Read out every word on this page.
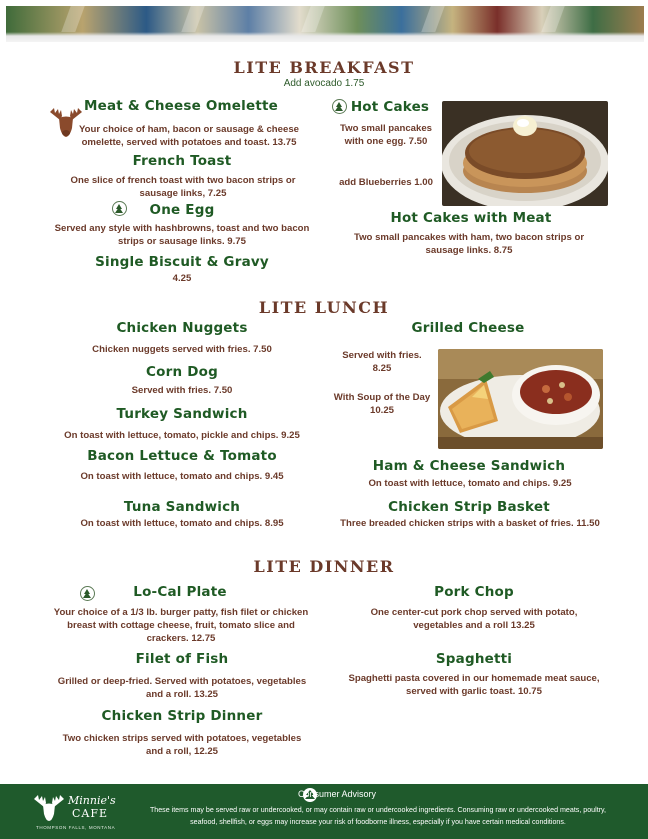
LITE BREAKFAST
Add avocado 1.75
Meat & Cheese Omelette
Your choice of ham, bacon or sausage & cheese omelette, served with potatoes and toast. 13.75
French Toast
One slice of french toast with two bacon strips or sausage links, 7.25
One Egg
Served any style with hashbrowns, toast and two bacon strips or sausage links. 9.75
Single Biscuit & Gravy
4.25
Hot Cakes
Two small pancakes with one egg. 7.50
add Blueberries 1.00
Hot Cakes with Meat
Two small pancakes with ham, two bacon strips or sausage links. 8.75
LITE LUNCH
Chicken Nuggets
Chicken nuggets served with fries. 7.50
Corn Dog
Served with fries. 7.50
Turkey Sandwich
On toast with lettuce, tomato, pickle and chips. 9.25
Bacon Lettuce & Tomato
On toast with lettuce, tomato and chips. 9.45
Tuna Sandwich
On toast with lettuce, tomato and chips. 8.95
Grilled Cheese
Served with fries. 8.25
With Soup of the Day 10.25
Ham & Cheese Sandwich
On toast with lettuce, tomato and chips. 9.25
Chicken Strip Basket
Three breaded chicken strips with a basket of fries. 11.50
LITE DINNER
Lo-Cal Plate
Your choice of a 1/3 lb. burger patty, fish filet or chicken breast with cottage cheese, fruit, tomato slice and crackers. 12.75
Filet of Fish
Grilled or deep-fried. Served with potatoes, vegetables and a roll. 13.25
Chicken Strip Dinner
Two chicken strips served with potatoes, vegetables and a roll, 12.25
Pork Chop
One center-cut pork chop served with potato, vegetables and a roll 13.25
Spaghetti
Spaghetti pasta covered in our homemade meat sauce, served with garlic toast. 10.75
Minnie's
CAFE
THOMPSON FALLS, MONTANA
Consumer Advisory
These items may be served raw or undercooked, or may contain raw or undercooked ingredients. Consuming raw or undercooked meats, poultry, seafood, shellfish, or eggs may increase your risk of foodborne illness, especially if you have certain medical conditions.
